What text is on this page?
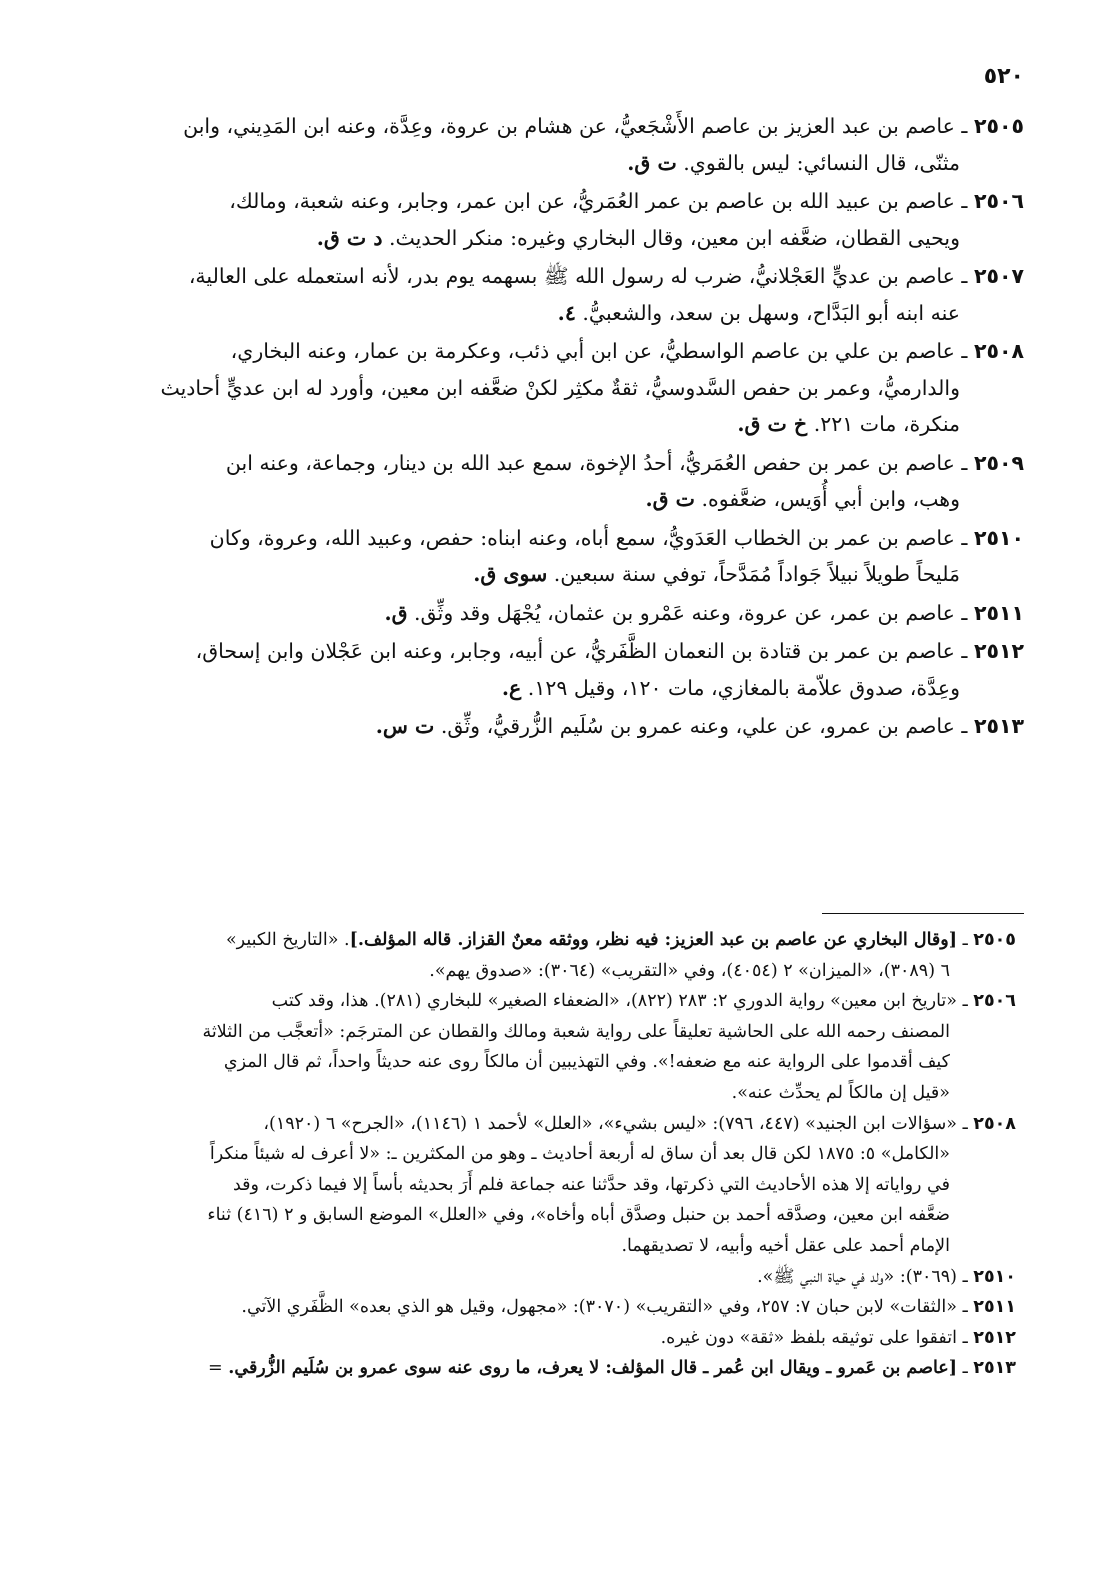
٥٢٠
٢٥٠٥ ـ عاصم بن عبد العزيز بن عاصم الأَشْجَعيُّ، عن هشام بن عروة، وعِدَّة، وعنه ابن المَدِيني، وابن
مثنّى، قال النسائي: ليس بالقوي. ت ق.
٢٥٠٦ ـ عاصم بن عبيد الله بن عاصم بن عمر العُمَريُّ، عن ابن عمر، وجابر، وعنه شعبة، ومالك،
ويحيى القطان، ضعَّفه ابن معين، وقال البخاري وغيره: منكر الحديث. د ت ق.
٢٥٠٧ ـ عاصم بن عديٍّ العَجْلانيُّ، ضرب له رسول الله ﷺ بسهمه يوم بدر، لأنه استعمله على العالية،
عنه ابنه أبو البَدَّاح، وسهل بن سعد، والشعبيُّ. ٤.
٢٥٠٨ ـ عاصم بن علي بن عاصم الواسطيُّ، عن ابن أبي ذئب، وعكرمة بن عمار، وعنه البخاري،
والدارميُّ، وعمر بن حفص السَّدوسيُّ، ثقةٌ مكثِر لكنْ ضعَّفه ابن معين، وأورد له ابن عديٍّ أحاديث
منكرة، مات ٢٢١. خ ت ق.
٢٥٠٩ ـ عاصم بن عمر بن حفص العُمَريُّ، أحدُ الإخوة، سمع عبد الله بن دينار، وجماعة، وعنه ابن
وهب، وابن أبي أُوَيس، ضعَّفوه. ت ق.
٢٥١٠ ـ عاصم بن عمر بن الخطاب العَدَويُّ، سمع أباه، وعنه ابناه: حفص، وعبيد الله، وعروة، وكان
مَليحاً طويلاً نبيلاً جَواداً مُمَدَّحاً، توفي سنة سبعين. سوى ق.
٢٥١١ ـ عاصم بن عمر، عن عروة، وعنه عَمْرو بن عثمان، يُجْهَل وقد وثِّق. ق.
٢٥١٢ ـ عاصم بن عمر بن قتادة بن النعمان الظَّفَريُّ، عن أبيه، وجابر، وعنه ابن عَجْلان وابن إسحاق،
وعِدَّة، صدوق علاّمة بالمغازي، مات ١٢٠، وقيل ١٢٩. ع.
٢٥١٣ ـ عاصم بن عمرو، عن علي، وعنه عمرو بن سُلَيم الزُّرقيُّ، وثِّق. ت س.
٢٥٠٥ ـ [وقال البخاري عن عاصم بن عبد العزيز: فيه نظر، ووثقه معنٌ القزاز. قاله المؤلف.]. «التاريخ الكبير»
٦ (٣٠٨٩)، «الميزان» ٢ (٤٠٥٤)، وفي «التقريب» (٣٠٦٤): «صدوق يهم».
٢٥٠٦ ـ «تاريخ ابن معين» رواية الدوري ٢: ٢٨٣ (٨٢٢)، «الضعفاء الصغير» للبخاري (٢٨١). هذا، وقد كتب
المصنف رحمه الله على الحاشية تعليقاً على رواية شعبة ومالك والقطان عن المترجَم: «أتعجَّب من الثلاثة
كيف أقدموا على الرواية عنه مع ضعفه!». وفي التهذيبين أن مالكاً روى عنه حديثاً واحداً، ثم قال المزي
«قيل إن مالكاً لم يحدِّث عنه».
٢٥٠٨ ـ «سؤالات ابن الجنيد» (٤٤٧، ٧٩٦): «ليس بشيء»، «العلل» لأحمد ١ (١١٤٦)، «الجرح» ٦ (١٩٢٠)،
«الكامل» ٥: ١٨٧٥ لكن قال بعد أن ساق له أربعة أحاديث ـ وهو من المكثرين ـ: «لا أعرف له شيئاً منكراً
في رواياته إلا هذه الأحاديث التي ذكرتها، وقد حدَّثنا عنه جماعة فلم أَرَ بحديثه بأساً إلا فيما ذكرت، وقد
ضعَّفه ابن معين، وصدَّقه أحمد بن حنبل وصدَّق أباه وأخاه»، وفي «العلل» الموضع السابق و ٢ (٤١٦) ثناء
الإمام أحمد على عقل أخيه وأبيه، لا تصديقهما.
٢٥١٠ ـ (٣٠٦٩): «ولد في حياة النبي ﷺ».
٢٥١١ ـ «الثقات» لابن حبان ٧: ٢٥٧، وفي «التقريب» (٣٠٧٠): «مجهول، وقيل هو الذي بعده» الظَّفَري الآتي.
٢٥١٢ ـ اتفقوا على توثيقه بلفظ «ثقة» دون غيره.
٢٥١٣ ـ [عاصم بن عَمرو ـ ويقال ابن عُمر ـ قال المؤلف: لا يعرف، ما روى عنه سوى عمرو بن سُلَيم الزُّرقي. =
